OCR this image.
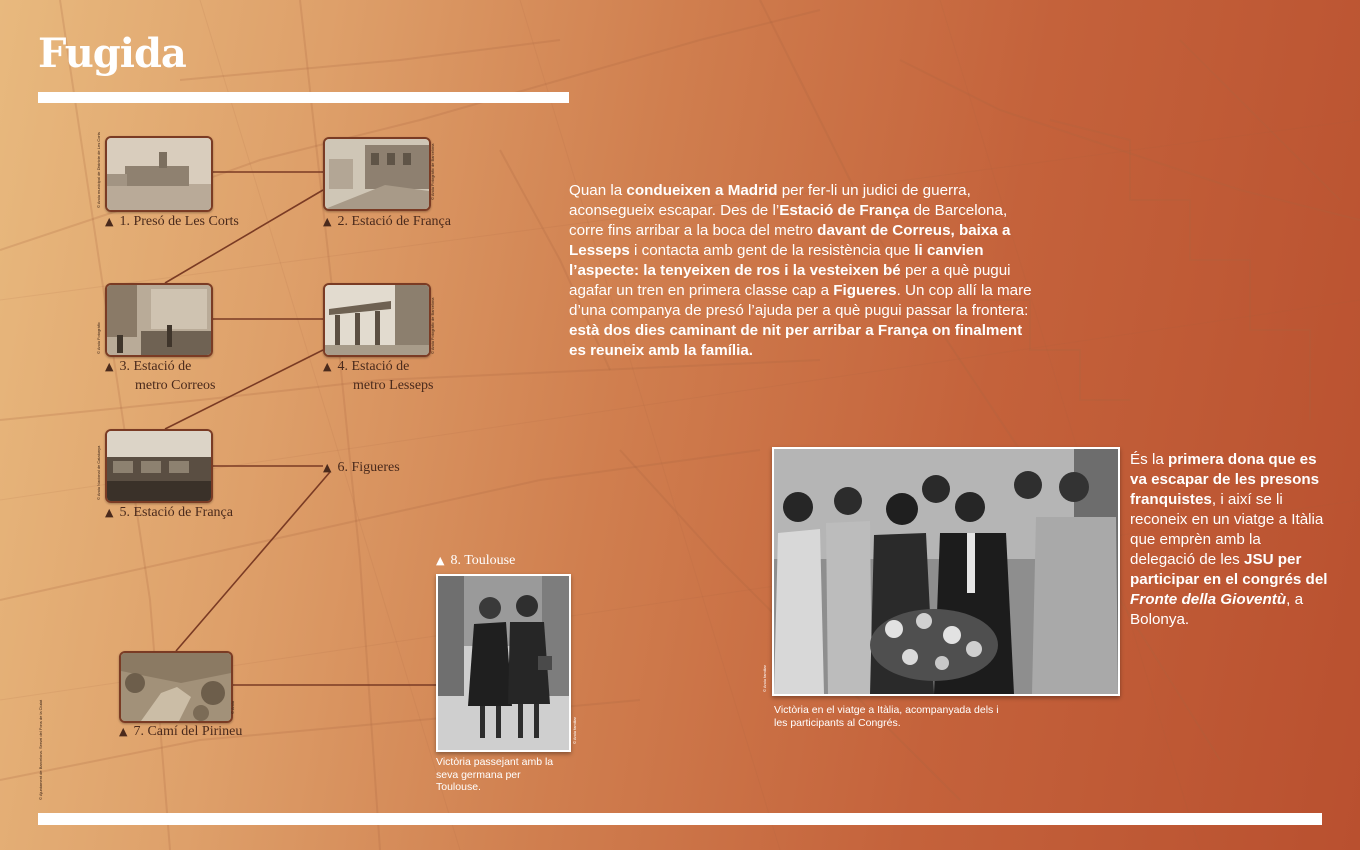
Fugida
© Arxiu municipal de Districte de Les Corts
▲ 1. Presó de Les Corts
© Arxiu Fotogràfic de Barcelona
▲ 2. Estació de França
© Arxiu Fotogràfic
▲ 3. Estació de
metro Correos
© Arxiu Fotogràfic de Barcelona
▲ 4. Estació de
metro Lesseps
© Arxiu Nacional de Catalunya
▲ 5. Estació de França
▲ 6. Figueres
© Arxiu
▲ 7. Camí del Pirineu
▲ 8. Toulouse
© Arxiu familiar

Victòria passejant amb la seva germana per Toulouse.

Quan la condueixen a Madrid per fer-li un judici de guerra, aconsegueix escapar. Des de l’Estació de França de Barcelona, corre fins arribar a la boca del metro davant de Correus, baixa a Lesseps i contacta amb gent de la resistència que li canvien l’aspecte: la tenyeixen de ros i la vesteixen bé per a què pugui agafar un tren en primera classe cap a Figueres. Un cop allí la mare d’una companya de presó l’ajuda per a què pugui passar la frontera: està dos dies caminant de nit per arribar a França on finalment es reuneix amb la família.

© Arxiu familiar

Victòria en el viatge a Itàlia, acompanyada dels i les participants al Congrés.

És la primera dona que es va escapar de les presons franquistes, i així se li reconeix en un viatge a Itàlia que emprèn amb la delegació de les JSU per participar en el congrés del Fronte della Gioventù, a Bolonya.

© Ajuntament de Barcelona. Servei del Fons de la Ciutat
